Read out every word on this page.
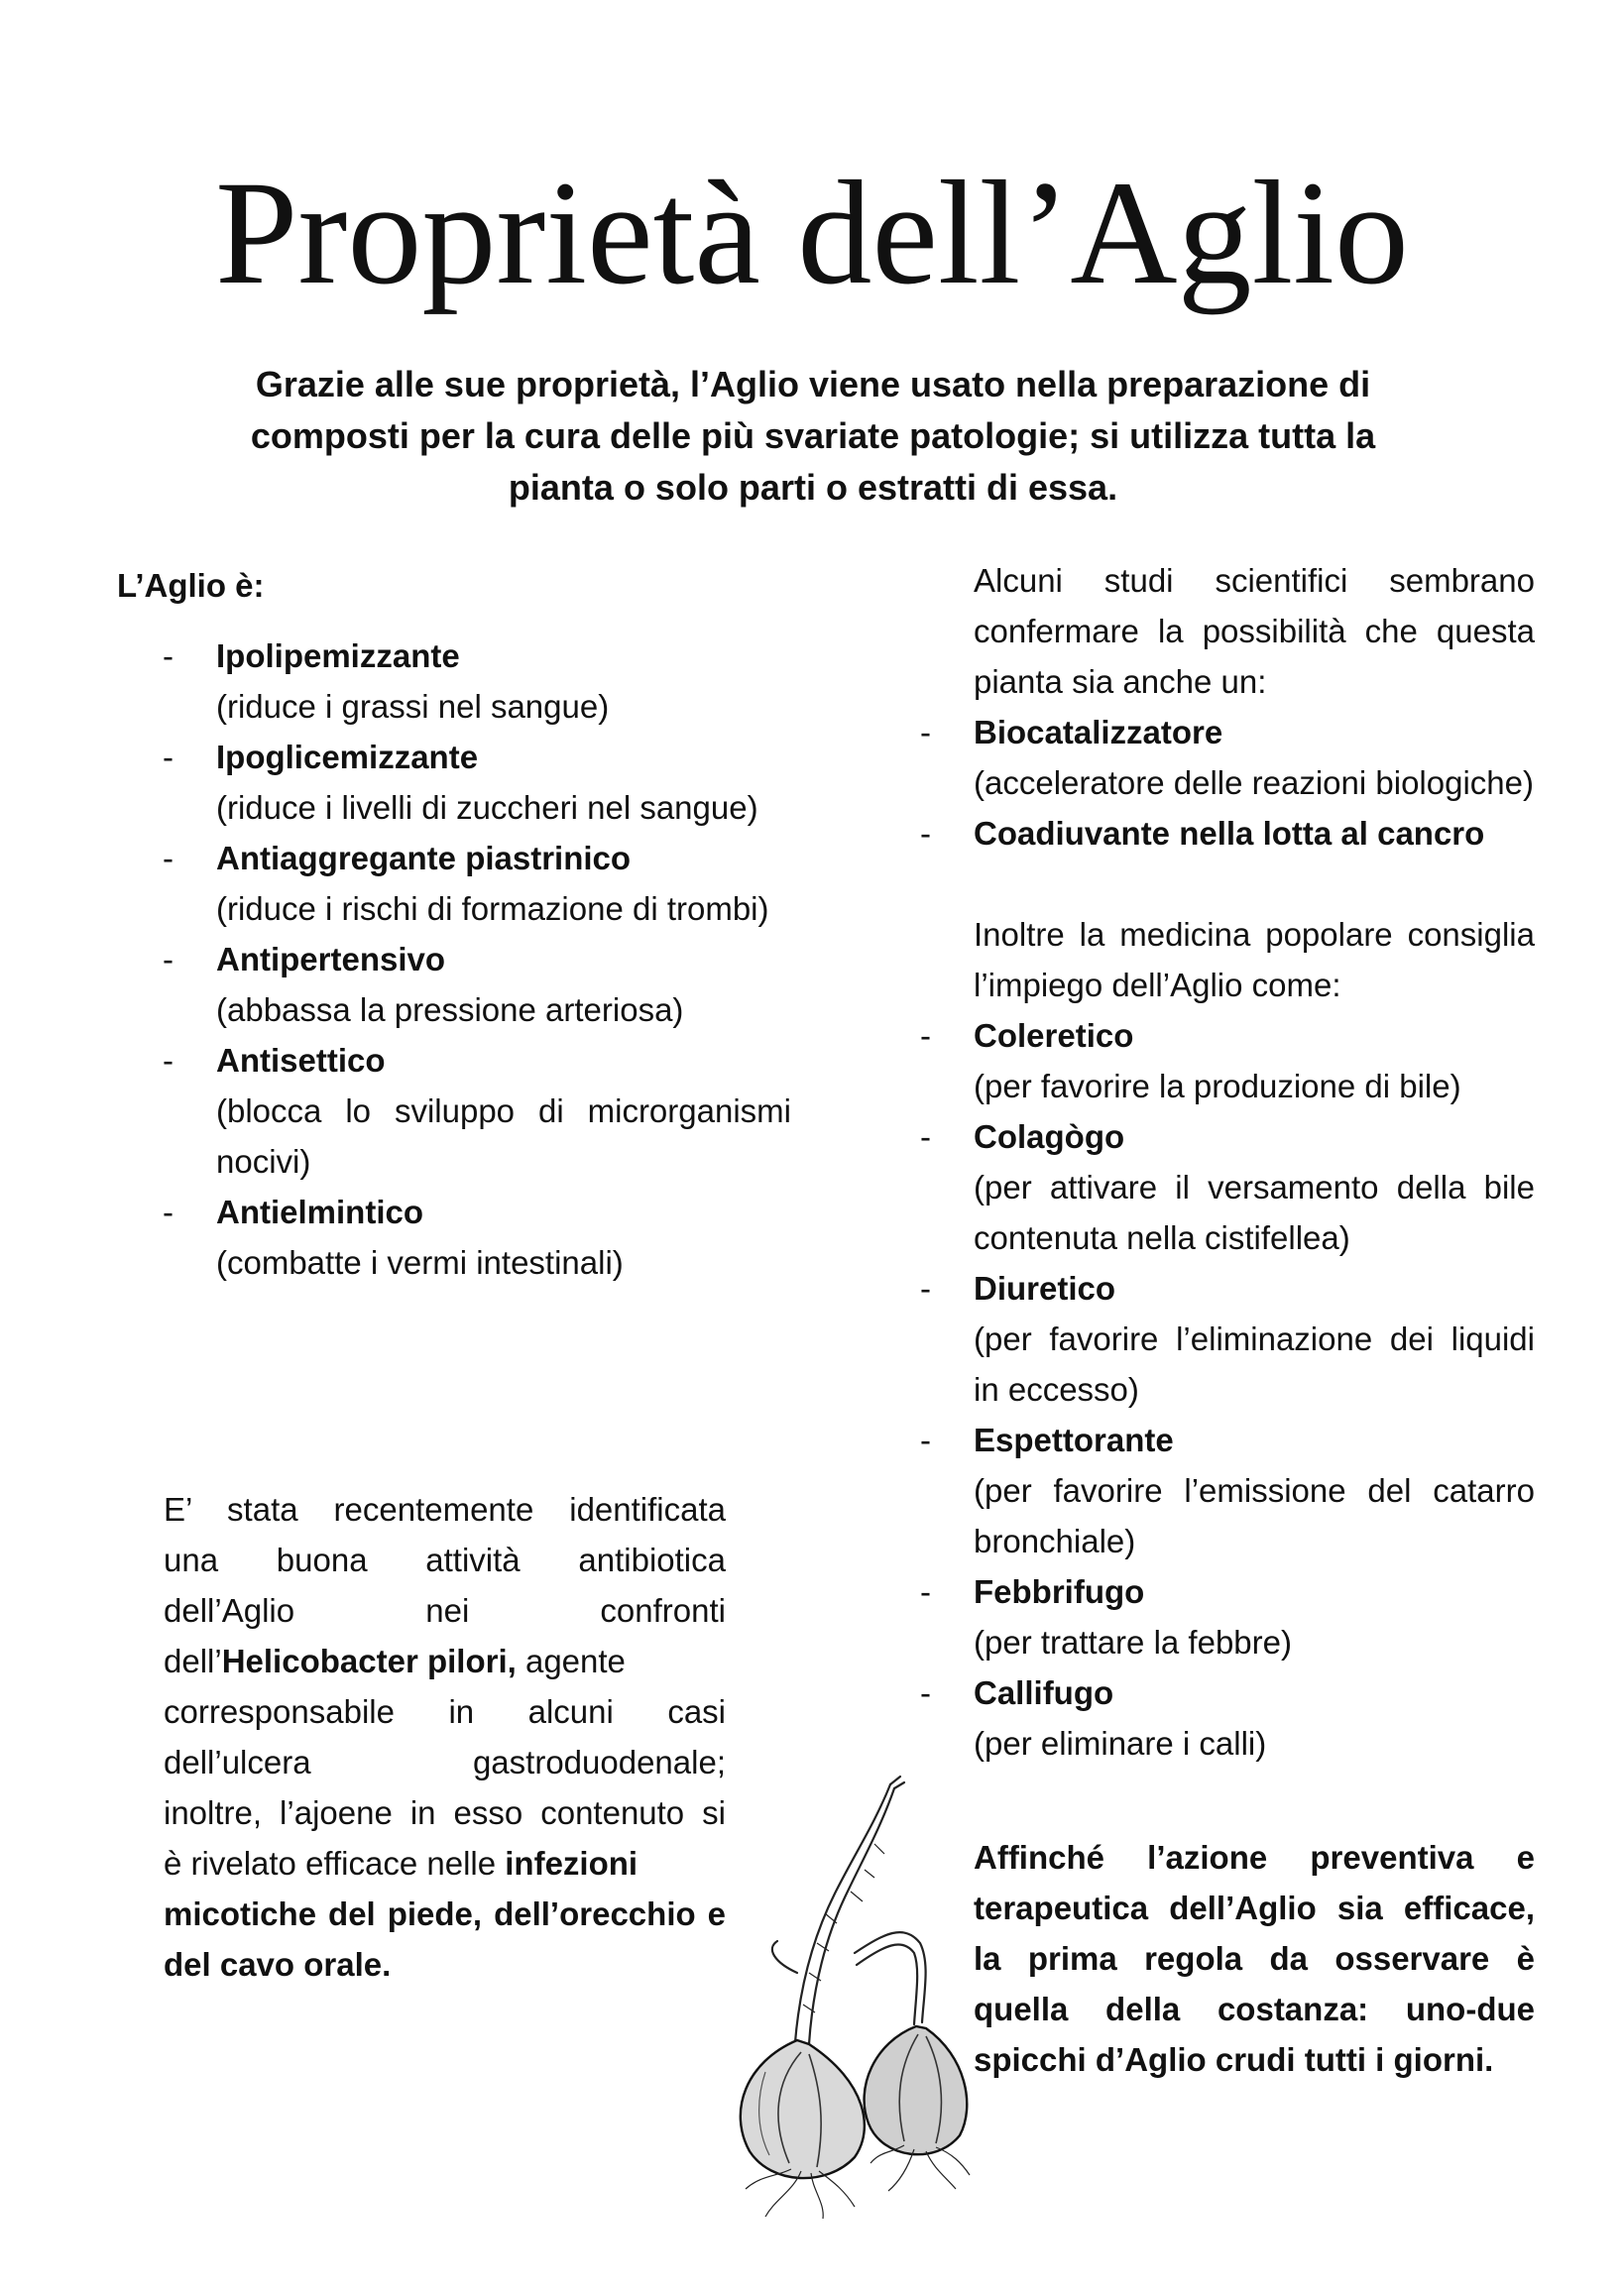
Proprietà dell’Aglio

Grazie alle sue proprietà, l’Aglio viene usato nella preparazione di
composti per la cura delle più svariate patologie; si utilizza tutta la
pianta o solo parti o estratti di essa.

L’Aglio è:

- Ipolipemizzante
(riduce i grassi nel sangue)
- Ipoglicemizzante
(riduce i livelli di zuccheri nel sangue)
- Antiaggregante piastrinico
(riduce i rischi di formazione di trombi)
- Antipertensivo
(abbassa la pressione arteriosa)
- Antisettico
(blocca lo sviluppo di microrganismi nocivi)
- Antielmintico
(combatte i vermi intestinali)
E’ stata recentemente identificata
una buona attività antibiotica
dell’Aglio nei confronti
dell’Helicobacter pilori, agente
corresponsabile in alcuni casi
dell’ulcera gastroduodenale;
inoltre, l’ajoene in esso contenuto si
è rivelato efficace nelle infezioni
micotiche del piede, dell’orecchio e
del cavo orale.

Alcuni studi scientifici sembrano confermare la possibilità che questa pianta sia anche un:

- Biocatalizzatore
(acceleratore delle reazioni biologiche)
- Coadiuvante nella lotta al cancro

Inoltre la medicina popolare consiglia l’impiego dell’Aglio come:

- Coleretico
(per favorire la produzione di bile)
- Colagògo
(per attivare il versamento della bile contenuta nella cistifellea)
- Diuretico
(per favorire l’eliminazione dei liquidi in eccesso)
- Espettorante
(per favorire l’emissione del catarro bronchiale)
- Febbrifugo
(per trattare la febbre)
- Callifugo
(per eliminare i calli)

Affinché l’azione preventiva e terapeutica dell’Aglio sia efficace, la prima regola da osservare è quella della costanza: uno-due spicchi d’Aglio crudi tutti i giorni.
